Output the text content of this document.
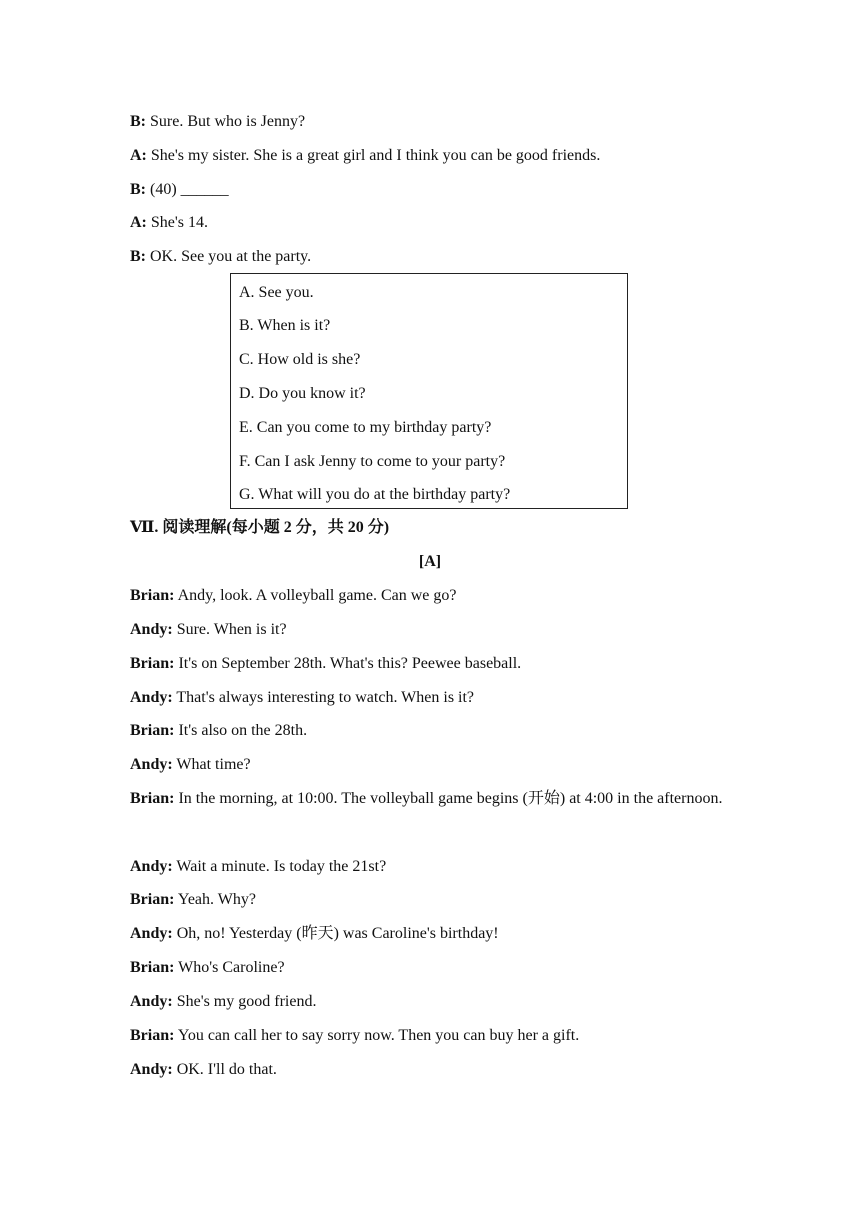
B: Sure. But who is Jenny?
A: She's my sister. She is a great girl and I think you can be good friends.
B: (40) ______
A: She's 14.
B: OK. See you at the party.
A. See you.
B. When is it?
C. How old is she?
D. Do you know it?
E. Can you come to my birthday party?
F. Can I ask Jenny to come to your party?
G. What will you do at the birthday party?
Ⅶ. 阅读理解(每小题 2 分，共 20 分)
[A]
Brian: Andy, look. A volleyball game. Can we go?
Andy: Sure. When is it?
Brian: It's on September 28th. What's this? Peewee baseball.
Andy: That's always interesting to watch. When is it?
Brian: It's also on the 28th.
Andy: What time?
Brian: In the morning, at 10:00. The volleyball game begins (开始) at 4:00 in the afternoon.
Andy: Wait a minute. Is today the 21st?
Brian: Yeah. Why?
Andy: Oh, no! Yesterday (昨天) was Caroline's birthday!
Brian: Who's Caroline?
Andy: She's my good friend.
Brian: You can call her to say sorry now. Then you can buy her a gift.
Andy: OK. I'll do that.
